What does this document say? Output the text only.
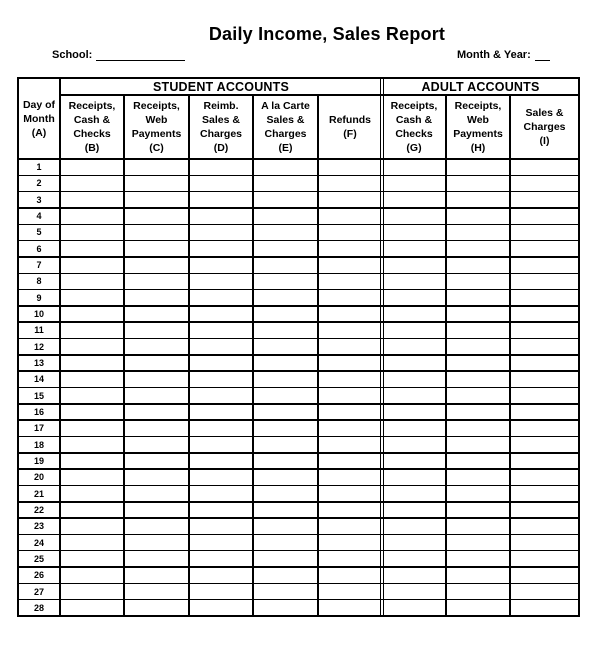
Daily Income, Sales Report
School:	Month & Year:
STUDENT ACCOUNTS	ADULT ACCOUNTS
Day of
Month
(A)
Receipts,
Cash &
Checks
(B)
Receipts,
Web
Payments
(C)
Reimb.
Sales &
Charges
(D)
A la Carte
Sales &
Charges
(E)
Refunds
(F)
Receipts,
Cash &
Checks
(G)
Receipts,
Web
Payments
(H)
Sales &
Charges
(I)
1
2
3
4
5
6
7
8
9
10
11
12
13
14
15
16
17
18
19
20
21
22
23
24
25
26
27
28
